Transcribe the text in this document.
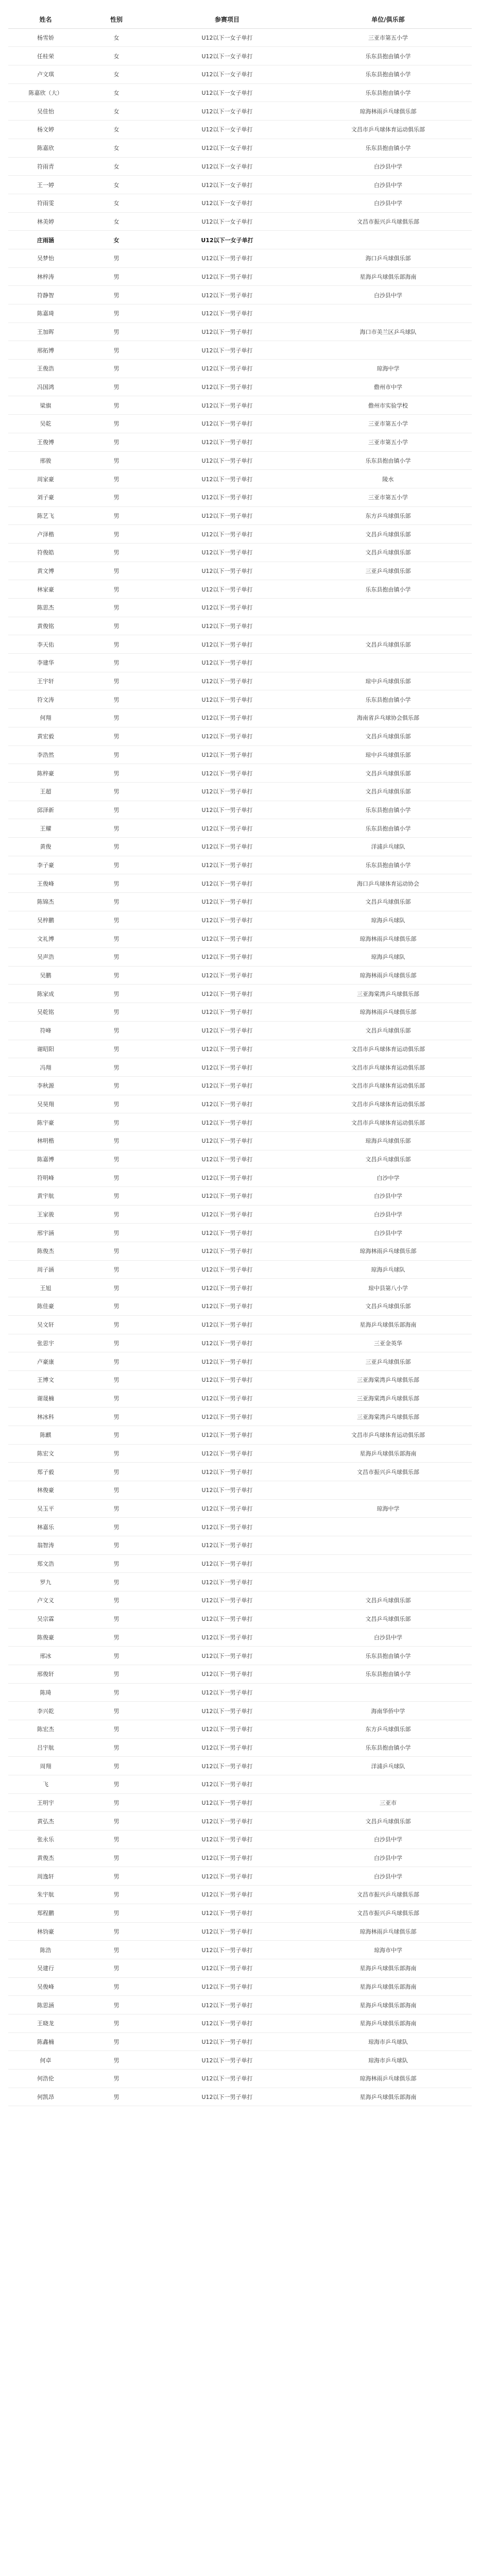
姓名	性别	参赛项目	单位/俱乐部
杨雪娇	女	U12以下一女子单打	三亚市第五小学
任桂荣	女	U12以下一女子单打	乐东县抱由镇小学
卢文琪	女	U12以下一女子单打	乐东县抱由镇小学
陈嘉欣（大）	女	U12以下一女子单打	乐东县抱由镇小学
吴佳怡	女	U12以下一女子单打	琼海林雨乒乓球俱乐部
杨文婷	女	U12以下一女子单打	文昌市乒乓球体育运动俱乐部
陈嘉欣	女	U12以下一女子单打	乐东县抱由镇小学
符雨青	女	U12以下一女子单打	白沙县中学
王一婷	女	U12以下一女子单打	白沙县中学
符雨雯	女	U12以下一女子单打	白沙县中学
林美婷	女	U12以下一女子单打	文昌市振兴乒乓球俱乐部
庄雨涵	女	U12以下一女子单打	
吴梦怡	男	U12以下一男子单打	海口乒乓球俱乐部
林梓涛	男	U12以下一男子单打	星海乒乓球俱乐部海南
符静智	男	U12以下一男子单打	白沙县中学
陈嘉琦	男	U12以下一男子单打	
王加晖	男	U12以下一男子单打	海口市美兰区乒乓球队
邢拓博	男	U12以下一男子单打	
王俊浩	男	U12以下一男子单打	琼海中学
冯国鸿	男	U12以下一男子单打	儋州市中学
梁旗	男	U12以下一男子单打	儋州市实验学校
吴乾	男	U12以下一男子单打	三亚市第五小学
王俊博	男	U12以下一男子单打	三亚市第五小学
邢骏	男	U12以下一男子单打	乐东县抱由镇小学
周家豪	男	U12以下一男子单打	陵水
刘子豪	男	U12以下一男子单打	三亚市第五小学
陈艺飞	男	U12以下一男子单打	东方乒乓球俱乐部
卢泽楷	男	U12以下一男子单打	文昌乒乓球俱乐部
符俊皓	男	U12以下一男子单打	文昌乒乓球俱乐部
黄文博	男	U12以下一男子单打	三亚乒乓球俱乐部
林家豪	男	U12以下一男子单打	乐东县抱由镇小学
陈思杰	男	U12以下一男子单打	
黄俊铭	男	U12以下一男子单打	
李天佑	男	U12以下一男子单打	文昌乒乓球俱乐部
李建华	男	U12以下一男子单打	
王宇轩	男	U12以下一男子单打	琼中乒乓球俱乐部
符文涛	男	U12以下一男子单打	乐东县抱由镇小学
何翔	男	U12以下一男子单打	海南省乒乓球协会俱乐部
黄宏毅	男	U12以下一男子单打	文昌乒乓球俱乐部
李浩然	男	U12以下一男子单打	琼中乒乓球俱乐部
陈梓豪	男	U12以下一男子单打	文昌乒乓球俱乐部
王超	男	U12以下一男子单打	文昌乒乓球俱乐部
邱泽新	男	U12以下一男子单打	乐东县抱由镇小学
王耀	男	U12以下一男子单打	乐东县抱由镇小学
黄俊	男	U12以下一男子单打	洋浦乒乓球队
李子豪	男	U12以下一男子单打	乐东县抱由镇小学
王俊峰	男	U12以下一男子单打	海口乒乓球体育运动协会
陈锦杰	男	U12以下一男子单打	文昌乒乓球俱乐部
吴梓鹏	男	U12以下一男子单打	琼海乒乓球队
文礼博	男	U12以下一男子单打	琼海林雨乒乓球俱乐部
吴声浩	男	U12以下一男子单打	琼海乒乓球队
吴鹏	男	U12以下一男子单打	琼海林雨乒乓球俱乐部
陈家成	男	U12以下一男子单打	三亚海棠湾乒乓球俱乐部
吴乾铭	男	U12以下一男子单打	琼海林雨乒乓球俱乐部
符峰	男	U12以下一男子单打	文昌乒乓球俱乐部
谢昭阳	男	U12以下一男子单打	文昌市乒乓球体育运动俱乐部
冯翔	男	U12以下一男子单打	文昌市乒乓球体育运动俱乐部
李秋源	男	U12以下一男子单打	文昌市乒乓球体育运动俱乐部
吴昊翔	男	U12以下一男子单打	文昌市乒乓球体育运动俱乐部
陈宇豪	男	U12以下一男子单打	文昌市乒乓球体育运动俱乐部
林明楷	男	U12以下一男子单打	琼海乒乓球俱乐部
陈嘉博	男	U12以下一男子单打	文昌乒乓球俱乐部
符明峰	男	U12以下一男子单打	白沙中学
黄宇航	男	U12以下一男子单打	白沙县中学
王家骏	男	U12以下一男子单打	白沙县中学
邢宇涵	男	U12以下一男子单打	白沙县中学
陈俊杰	男	U12以下一男子单打	琼海林雨乒乓球俱乐部
周子涵	男	U12以下一男子单打	琼海乒乓球队
王旭	男	U12以下一男子单打	琼中县第八小学
陈佳豪	男	U12以下一男子单打	文昌乒乓球俱乐部
吴文轩	男	U12以下一男子单打	星海乒乓球俱乐部海南
张思宇	男	U12以下一男子单打	三亚金英华
卢豪康	男	U12以下一男子单打	三亚乒乓球俱乐部
王博文	男	U12以下一男子单打	三亚海棠湾乒乓球俱乐部
谢晟楠	男	U12以下一男子单打	三亚海棠湾乒乓球俱乐部
林冰科	男	U12以下一男子单打	三亚海棠湾乒乓球俱乐部
陈麒	男	U12以下一男子单打	文昌市乒乓球体育运动俱乐部
陈宏文	男	U12以下一男子单打	星海乒乓球俱乐部海南
郑子毅	男	U12以下一男子单打	文昌市振兴乒乓球俱乐部
林俊豪	男	U12以下一男子单打	
吴玉平	男	U12以下一男子单打	琼海中学
林嘉乐	男	U12以下一男子单打	
翁智涛	男	U12以下一男子单打	
郑文浩	男	U12以下一男子单打	
罗九	男	U12以下一男子单打	
卢文义	男	U12以下一男子单打	文昌乒乓球俱乐部
吴宗霖	男	U12以下一男子单打	文昌乒乓球俱乐部
陈俊豪	男	U12以下一男子单打	白沙县中学
邢冰	男	U12以下一男子单打	乐东县抱由镇小学
邢俊轩	男	U12以下一男子单打	乐东县抱由镇小学
陈琦	男	U12以下一男子单打	
李兴乾	男	U12以下一男子单打	海南华侨中学
陈宏杰	男	U12以下一男子单打	东方乒乓球俱乐部
吕宇航	男	U12以下一男子单打	乐东县抱由镇小学
周翔	男	U12以下一男子单打	洋浦乒乓球队
飞	男	U12以下一男子单打	
王明宇	男	U12以下一男子单打	三亚市
黄弘杰	男	U12以下一男子单打	文昌乒乓球俱乐部
张永乐	男	U12以下一男子单打	白沙县中学
黄俊杰	男	U12以下一男子单打	白沙县中学
周逸轩	男	U12以下一男子单打	白沙县中学
朱宇航	男	U12以下一男子单打	文昌市振兴乒乓球俱乐部
郑程鹏	男	U12以下一男子单打	文昌市振兴乒乓球俱乐部
林钧豪	男	U12以下一男子单打	琼海林雨乒乓球俱乐部
陈浩	男	U12以下一男子单打	琼海市中学
吴建行	男	U12以下一男子单打	星海乒乓球俱乐部海南
吴俊峰	男	U12以下一男子单打	星海乒乓球俱乐部海南
陈思涵	男	U12以下一男子单打	星海乒乓球俱乐部海南
王晓龙	男	U12以下一男子单打	星海乒乓球俱乐部海南
陈鑫楠	男	U12以下一男子单打	琼海市乒乓球队
何卓	男	U12以下一男子单打	琼海市乒乓球队
何浩伦	男	U12以下一男子单打	琼海林雨乒乓球俱乐部
何凯昂	男	U12以下一男子单打	星海乒乓球俱乐部海南
